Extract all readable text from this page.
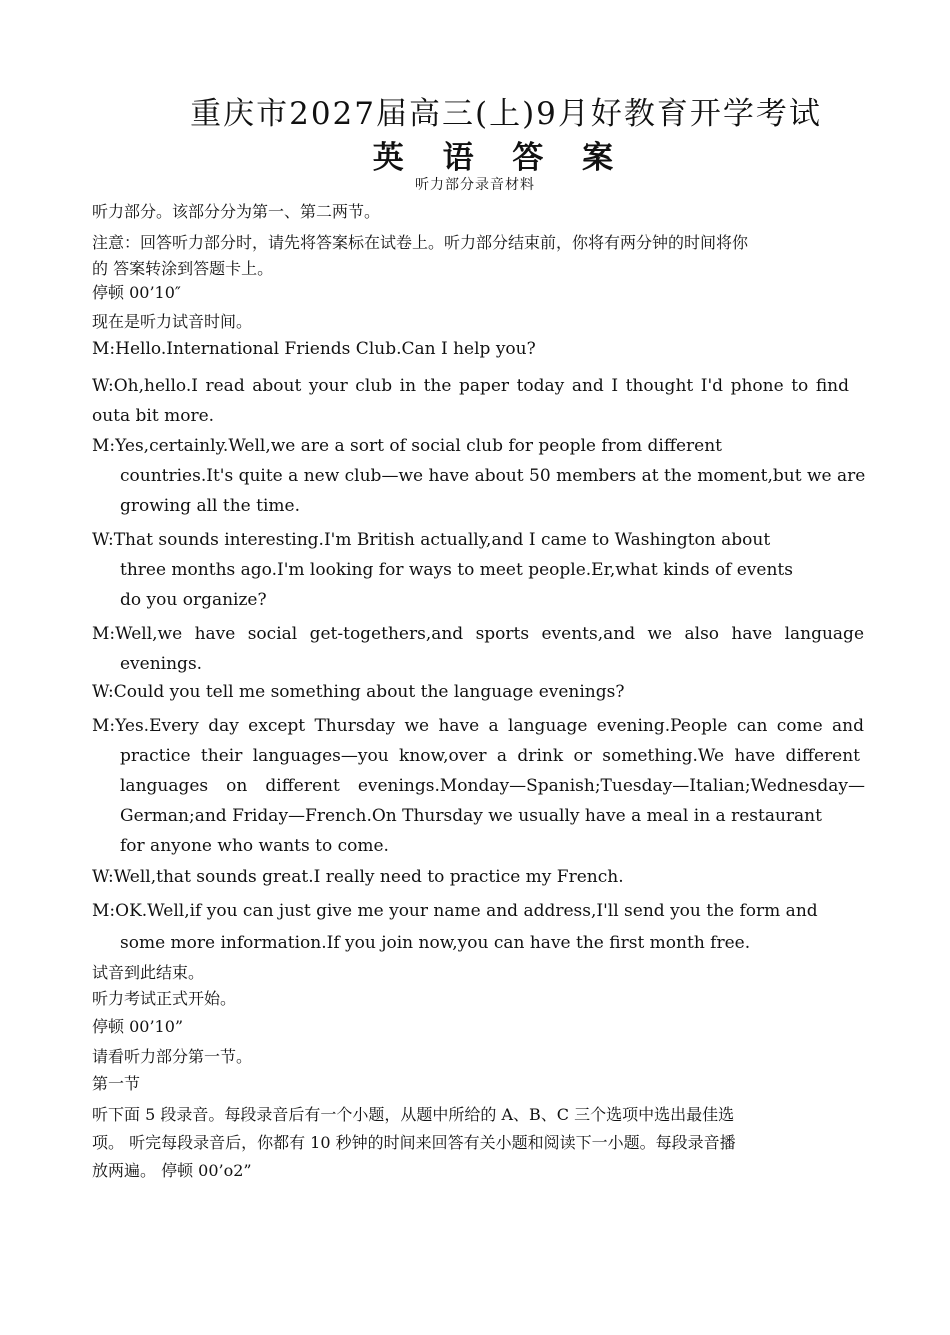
重庆市2027届高三(上)9月好教育开学考试
英 语 答 案
听力部分录音材料
听力部分。该部分分为第一、第二两节。
注意：回答听力部分时，请先将答案标在试卷上。听力部分结束前，你将有两分钟的时间将你
的 答案转涂到答题卡上。
停顿 00’10″
现在是听力试音时间。
M:Hello.International Friends Club.Can I help you?
W:Oh,hello.I read about your club in the paper today and I thought I'd phone to find out a bit more.
M:Yes,certainly.Well,we are a sort of social club for people from different
countries.It's quite a new club—we have about 50 members at the moment,but we are
growing all the time.
W:That sounds interesting.I'm British actually,and I came to Washington about
three months ago.I'm looking for ways to meet people.Er,what kinds of events
do you organize?
M:Well,we have social get-togethers,and sports events,and we also have language
evenings.
W:Could you tell me something about the language evenings?
M:Yes.Every day except Thursday we have a language evening.People can come and
practice their languages—you know,over a drink or something.We have different
languages on different evenings.Monday—Spanish;Tuesday—Italian;Wednesday—
German;and Friday—French.On Thursday we usually have a meal in a restaurant
for anyone who wants to come.
W:Well,that sounds great.I really need to practice my French.
M:OK.Well,if you can just give me your name and address,I'll send you the form and
some more information.If you join now,you can have the first month free.
试音到此结束。
听力考试正式开始。
停顿 00’10”
请看听力部分第一节。
第一节
听下面 5 段录音。每段录音后有一个小题，从题中所给的 A、B、C 三个选项中选出最佳选
项。 听完每段录音后，你都有 10 秒钟的时间来回答有关小题和阅读下一小题。每段录音播
放两遍。 停顿 00’o2”
